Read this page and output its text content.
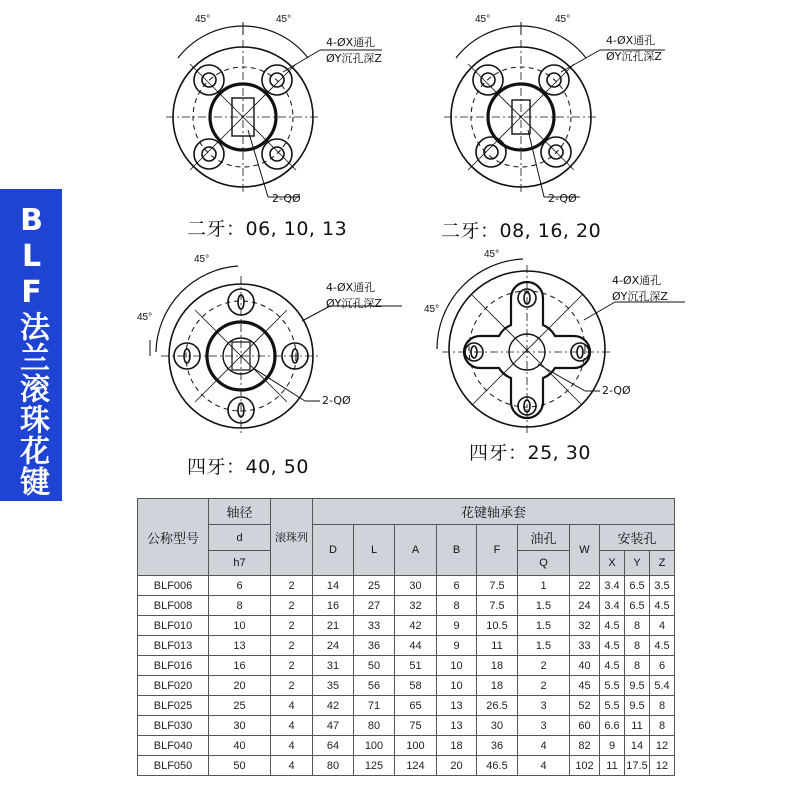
BLF法兰滚珠花键
45°	45°
4-ØX通孔
ØY沉孔深Z
2-QØ
45°	45°
4-ØX通孔
ØY沉孔深Z
2-QØ
45°
45°
4-ØX通孔
ØY沉孔深Z
2-QØ
45°
45°
4-ØX通孔
ØY沉孔深Z
2-QØ
二牙：06, 10, 13	二牙：08, 16, 20
四牙：40, 50
四牙：25, 30
公称型号	轴径	滚珠列	花键轴承套									
	d		D	L	A	B	F	油孔	W	安装孔		
	h7							Q		X	Y	Z
BLF006	6	2	14	25	30	6	7.5	1	22	3.4	6.5	3.5
BLF008	8	2	16	27	32	8	7.5	1.5	24	3.4	6.5	4.5
BLF010	10	2	21	33	42	9	10.5	1.5	32	4.5	8	4
BLF013	13	2	24	36	44	9	11	1.5	33	4.5	8	4.5
BLF016	16	2	31	50	51	10	18	2	40	4.5	8	6
BLF020	20	2	35	56	58	10	18	2	45	5.5	9.5	5.4
BLF025	25	4	42	71	65	13	26.5	3	52	5.5	9.5	8
BLF030	30	4	47	80	75	13	30	3	60	6.6	11	8
BLF040	40	4	64	100	100	18	36	4	82	9	14	12
BLF050	50	4	80	125	124	20	46.5	4	102	11	17.5	12
